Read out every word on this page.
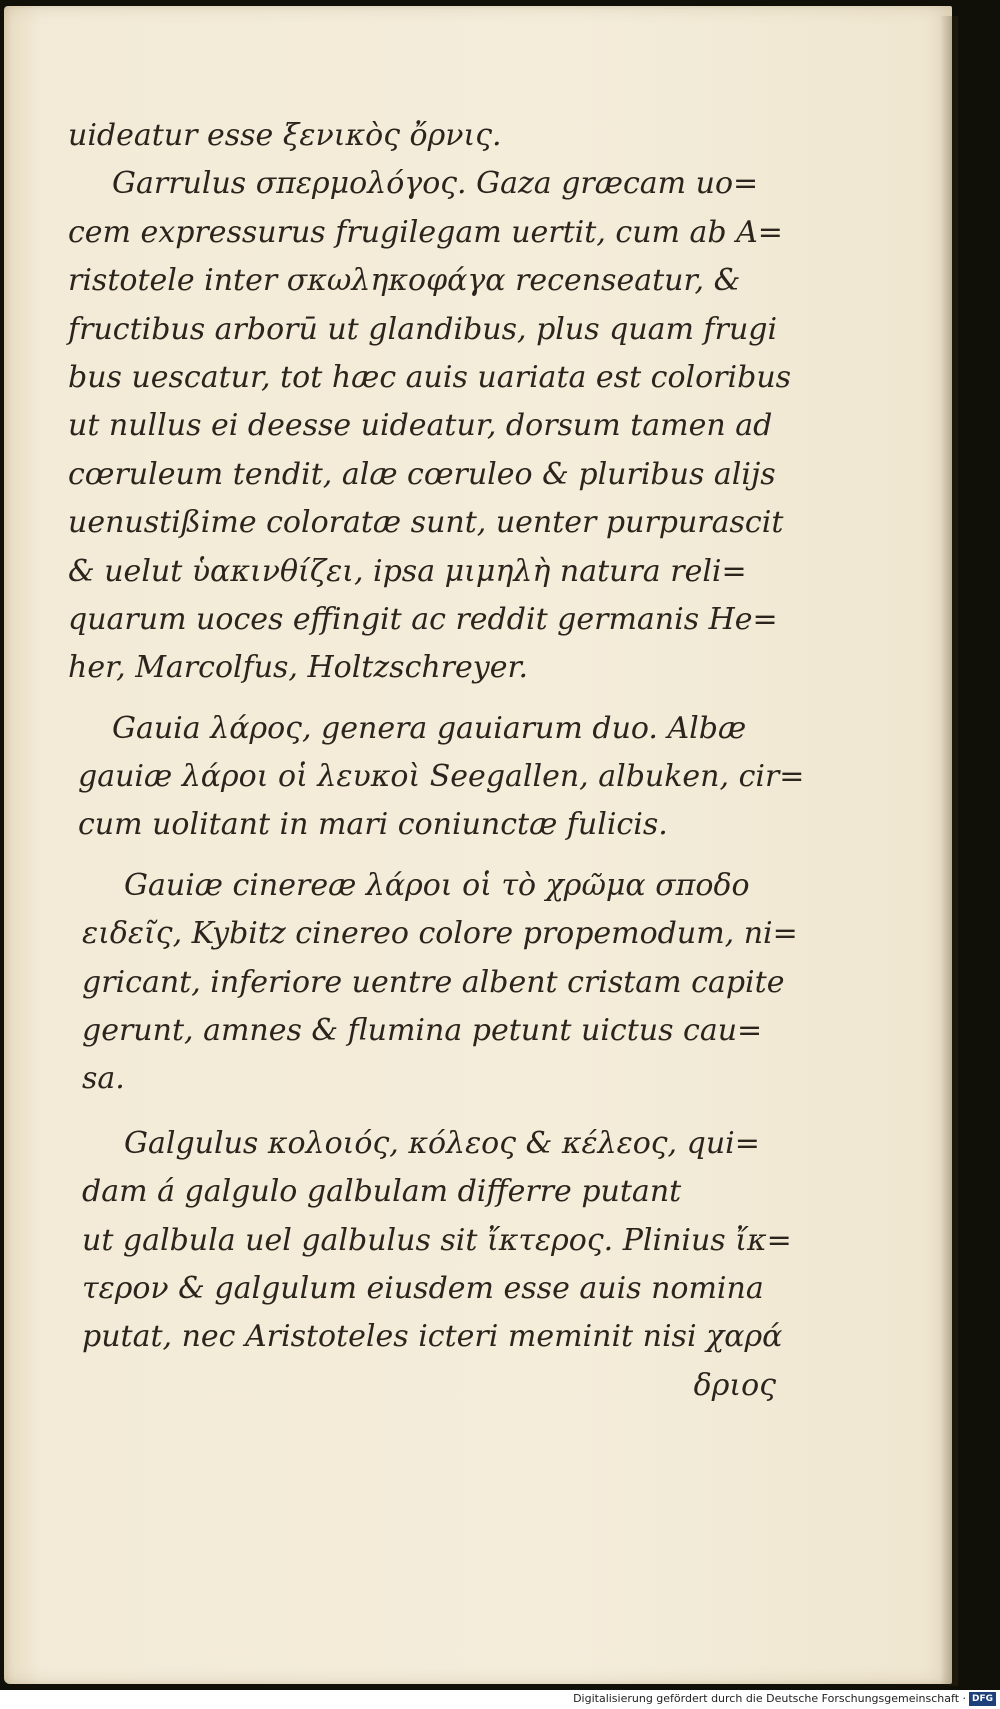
uideatur esse ξενικὸς ὄρνις.
Garrulus σπερμολόγος. Gaza græcam uo=
cem expressurus frugilegam uertit, cum ab A=
ristotele inter σκωληκοφάγα recenseatur, &
fructibus arborū ut glandibus, plus quam frugi
bus uescatur, tot hæc auis uariata est coloribus
ut nullus ei deesse uideatur, dorsum tamen ad
cœruleum tendit, alæ cœruleo & pluribus alijs
uenustißime coloratæ sunt, uenter purpurascit
& uelut ὑακινθίζει, ipsa μιμηλὴ natura reli=
quarum uoces effingit ac reddit germanis He=
her, Marcolfus, Holtzschreyer.
Gauia λάρος, genera gauiarum duo. Albæ
gauiæ λάροι οἱ λευκοὶ Seegallen, albuken, cir=
cum uolitant in mari coniunctæ fulicis.
Gauiæ cinereæ λάροι οἱ τὸ χρῶμα σποδο
ειδεῖς, Kybitz cinereo colore propemodum, ni=
gricant, inferiore uentre albent cristam capite
gerunt, amnes & flumina petunt uictus cau=
sa.
Galgulus κολοιός, κόλεος & κέλεος, qui=
dam á galgulo galbulam differre putant
ut galbula uel galbulus sit ἴκτερος. Plinius ἴκ=
τερον & galgulum eiusdem esse auis nomina
putat, nec Aristoteles icteri meminit nisi χαρά
δριος
Digitalisierung gefördert durch die Deutsche Forschungsgemeinschaft · DFG
